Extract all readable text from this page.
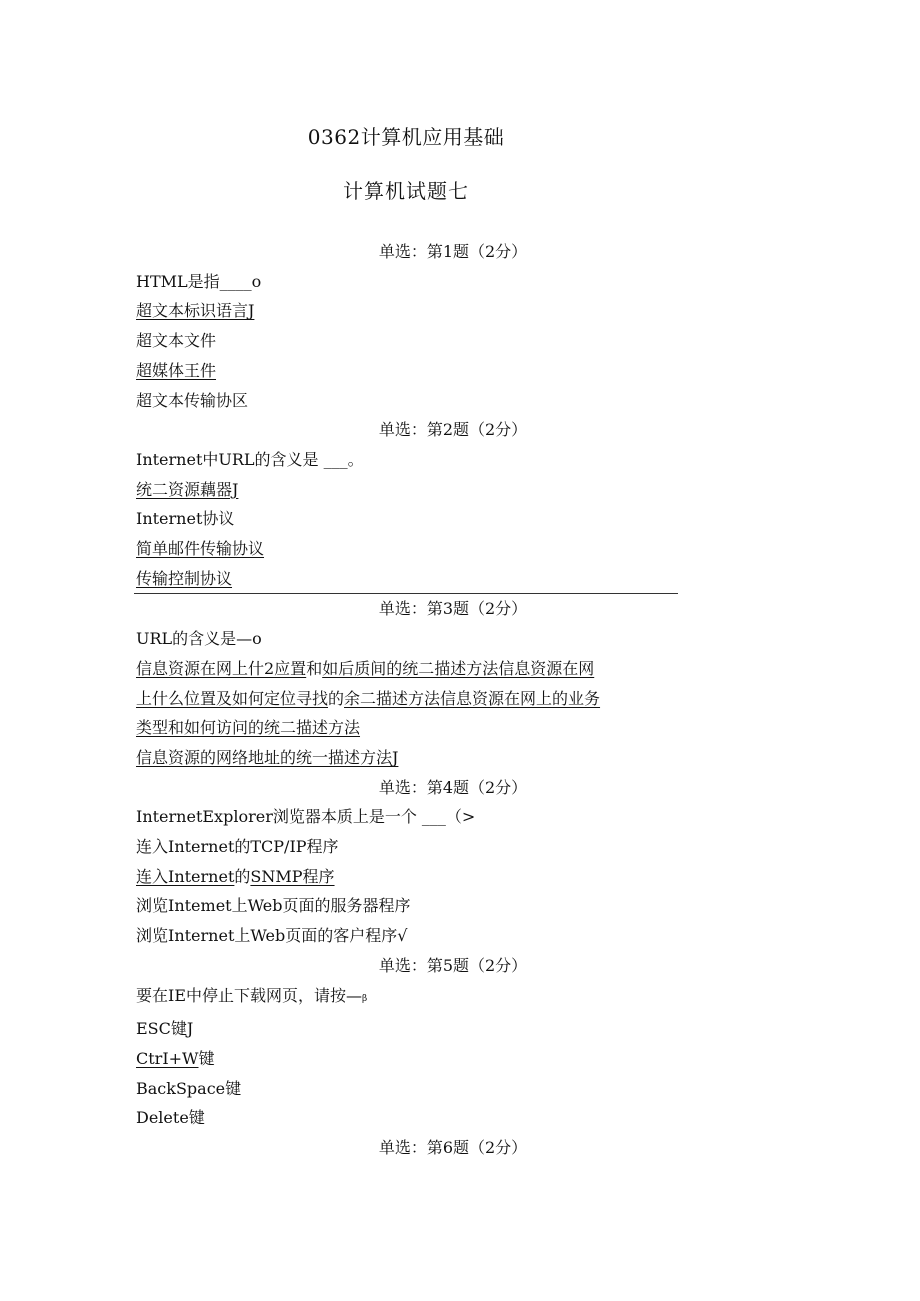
0362计算机应用基础
计算机试题七
单选：第1题（2分）
HTML是指____o
超文本标识语言J
超文本文件
超媒体王件
超文本传输协区
单选：第2题（2分）
Internet中URL的含义是 ___。
统二资源藕器J
Internet协议
简单邮件传输协议
传输控制协议
单选：第3题（2分）
URL的含义是—o
信息资源在网上什2应置和如后质间的统二描述方法信息资源在网
上什么位置及如何定位寻找的余二描述方法信息资源在网上的业务
类型和如何访问的统二描述方法
信息资源的网络地址的统一描述方法J
单选：第4题（2分）
InternetExplorer浏览器本质上是一个 ___（>
连入Internet的TCP/IP程序
连入Internet的SNMP程序
浏览Intemet上Web页面的服务器程序
浏览Internet上Web页面的客户程序√
单选：第5题（2分）
要在IE中停止下载网页，请按—β
ESC键J
CtrI+W键
BackSpace键
Delete键
单选：第6题（2分）
